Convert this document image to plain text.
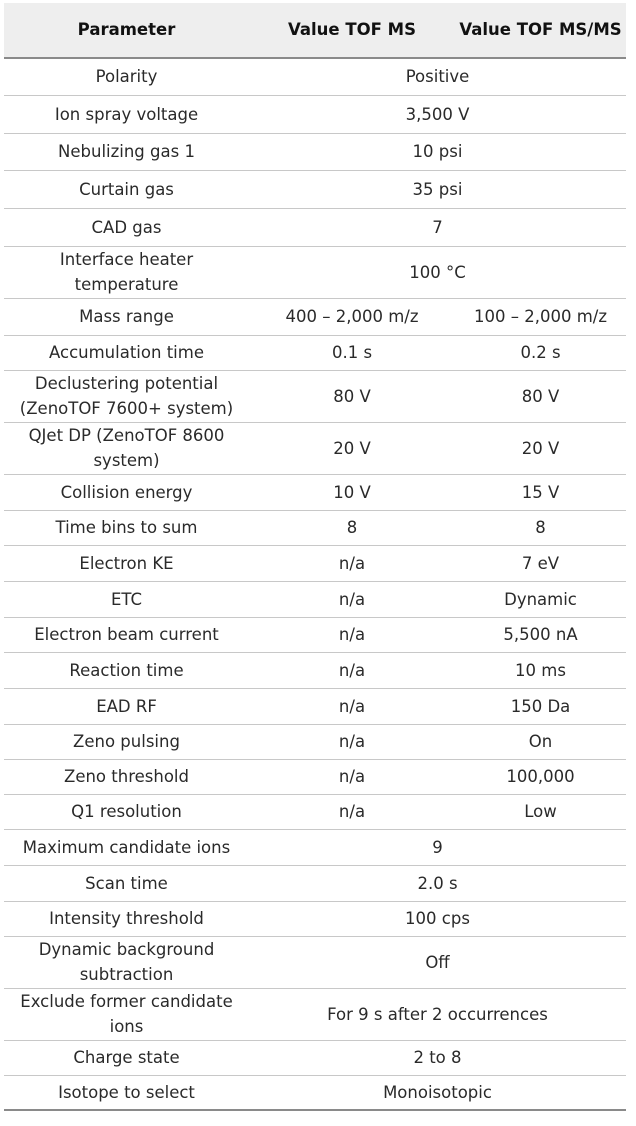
Parameter	Value TOF MS	Value TOF MS/MS
Polarity	Positive	
Ion spray voltage	3,500 V	
Nebulizing gas 1	10 psi	
Curtain gas	35 psi	
CAD gas	7	
Interface heater temperature	100 °C	
Mass range	400 – 2,000 m/z	100 – 2,000 m/z
Accumulation time	0.1 s	0.2 s
Declustering potential (ZenoTOF 7600+ system)	80 V	80 V
QJet DP (ZenoTOF 8600 system)	20 V	20 V
Collision energy	10 V	15 V
Time bins to sum	8	8
Electron KE	n/a	7 eV
ETC	n/a	Dynamic
Electron beam current	n/a	5,500 nA
Reaction time	n/a	10 ms
EAD RF	n/a	150 Da
Zeno pulsing	n/a	On
Zeno threshold	n/a	100,000
Q1 resolution	n/a	Low
Maximum candidate ions	9	
Scan time	2.0 s	
Intensity threshold	100 cps	
Dynamic background subtraction	Off	
Exclude former candidate ions	For 9 s after 2 occurrences	
Charge state	2 to 8	
Isotope to select	Monoisotopic	
